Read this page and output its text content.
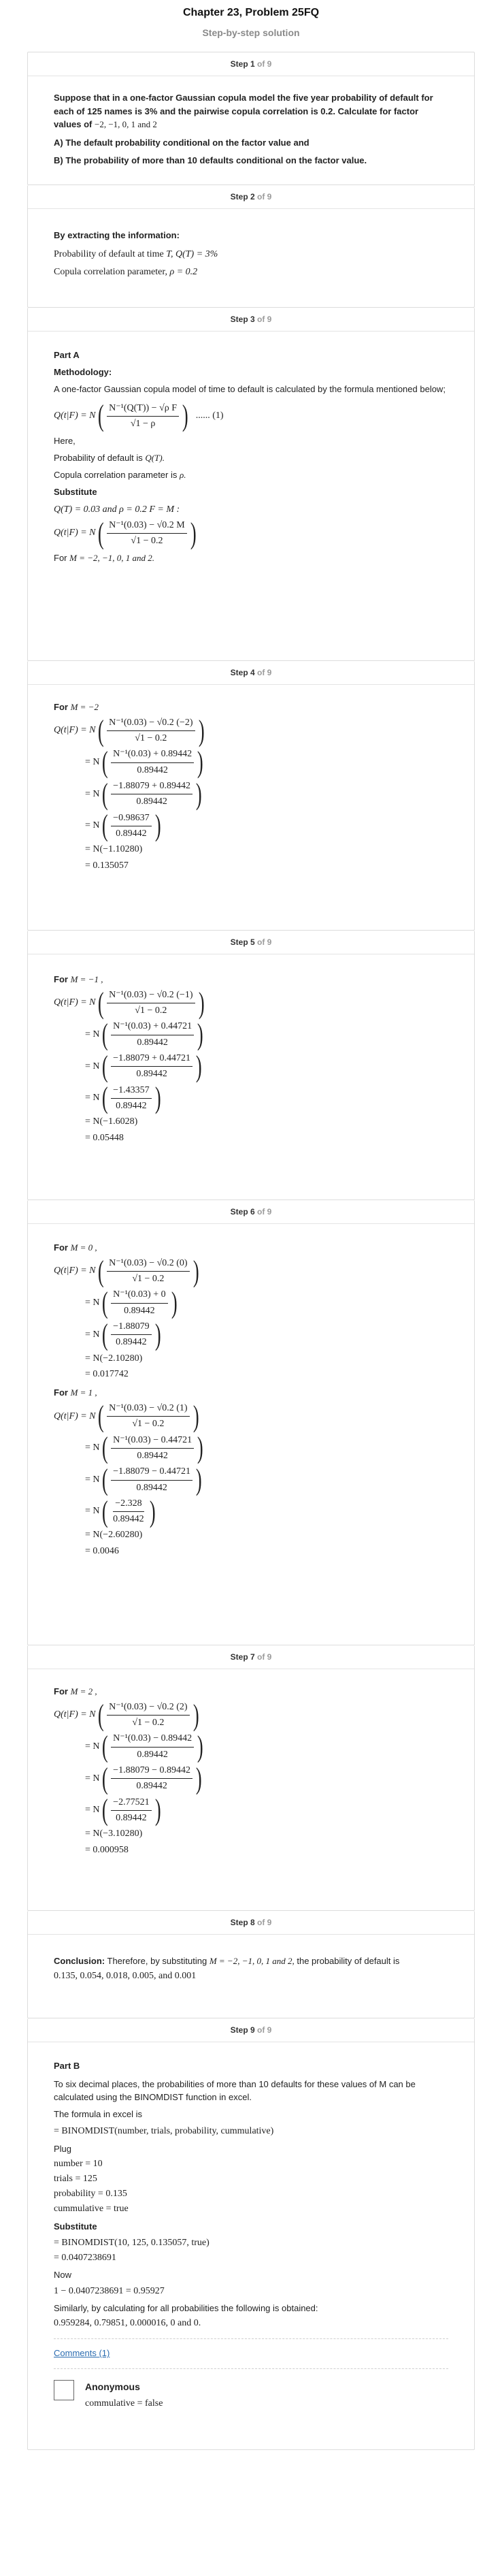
Chapter 23, Problem 25FQ
Step-by-step solution
Step 1 of 9
Suppose that in a one-factor Gaussian copula model the five year probability of default for each of 125 names is 3% and the pairwise copula correlation is 0.2. Calculate for factor values of −2, −1, 0, 1 and 2
A) The default probability conditional on the factor value and
B) The probability of more than 10 defaults conditional on the factor value.
Step 2 of 9
By extracting the information:
Probability of default at time T, Q(T) = 3%
Copula correlation parameter, ρ = 0.2
Step 3 of 9
Part A
Methodology:
A one-factor Gaussian copula model of time to default is calculated by the formula mentioned below;
Q(t|F) = N ( $\frac{\text{N⁻¹(Q(T)) − √ρ F}}{√1 - \rho}$ ) ...... (1)
Here,
Probability of default is Q(T).
Copula correlation parameter is ρ.
Substitute
Q(T) = 0.03 and ρ = 0.2 F = M :
Q(t|F) = N ( $\frac{\text{N⁻¹(0.03) − √0.2 M}}{√1 - 0.2}$ )
For M = −2, −1, 0, 1 and 2.
Step 4 of 9
For M = −2
Q(t|F) = N ( $\frac{\text{N⁻¹(0.03) − √0.2 (−2)}}{√1 - 0.2}$ )
= N ( $\frac{\text{N⁻¹(0.03) + 0.89442}}{0.89442}$ )
= N ( $\frac{-1.88079 + 0.89442}{0.89442}$ )
= N ( $\frac{-0.98637}{0.89442}$ )
= N(−1.10280)
= 0.135057
Step 5 of 9
For M = −1 ,
Q(t|F) = N ( $\frac{\text{N⁻¹(0.03) − √0.2 (−1)}}{√1 - 0.2}$ )
= N ( $\frac{\text{N⁻¹(0.03) + 0.44721}}{0.89442}$ )
= N ( $\frac{-1.88079 + 0.44721}{0.89442}$ )
= N ( $\frac{-1.43357}{0.89442}$ )
= N(−1.6028)
= 0.05448
Step 6 of 9
For M = 0 ,
Q(t|F) = N ( $\frac{\text{N⁻¹(0.03) − √0.2 (0)}}{√1 - 0.2}$ )
= N ( $\frac{\text{N⁻¹(0.03) + 0}}{0.89442}$ )
= N ( $\frac{-1.88079}{0.89442}$ )
= N(−2.10280)
= 0.017742
For M = 1 ,
Q(t|F) = N ( $\frac{\text{N⁻¹(0.03) − √0.2 (1)}}{√1 - 0.2}$ )
= N ( $\frac{\text{N⁻¹(0.03) − 0.44721}}{0.89442}$ )
= N ( $\frac{-1.88079 - 0.44721}{0.89442}$ )
= N ( $\frac{-2.328}{0.89442}$ )
= N(−2.60280)
= 0.0046
Step 7 of 9
For M = 2 ,
Q(t|F) = N ( $\frac{\text{N⁻¹(0.03) − √0.2 (2)}}{√1 - 0.2}$ )
= N ( $\frac{\text{N⁻¹(0.03) − 0.89442}}{0.89442}$ )
= N ( $\frac{-1.88079 - 0.89442}{0.89442}$ )
= N ( $\frac{-2.77521}{0.89442}$ )
= N(−3.10280)
= 0.000958
Step 8 of 9
Conclusion: Therefore, by substituting M = −2, −1, 0, 1 and 2, the probability of default is
0.135, 0.054, 0.018, 0.005, and 0.001
Step 9 of 9
Part B
To six decimal places, the probabilities of more than 10 defaults for these values of M can be calculated using the BINOMDIST function in excel.
The formula in excel is
= BINOMDIST(number, trials, probability, cummulative)
Plug
number = 10
trials = 125
probability = 0.135
cummulative = true
Substitute
= BINOMDIST(10, 125, 0.135057, true)
= 0.0407238691
Now
1 − 0.0407238691 = 0.95927
Similarly, by calculating for all probabilities the following is obtained:
0.959284, 0.79851, 0.000016, 0 and 0.
Comments (1)
Anonymous
commulative = false
